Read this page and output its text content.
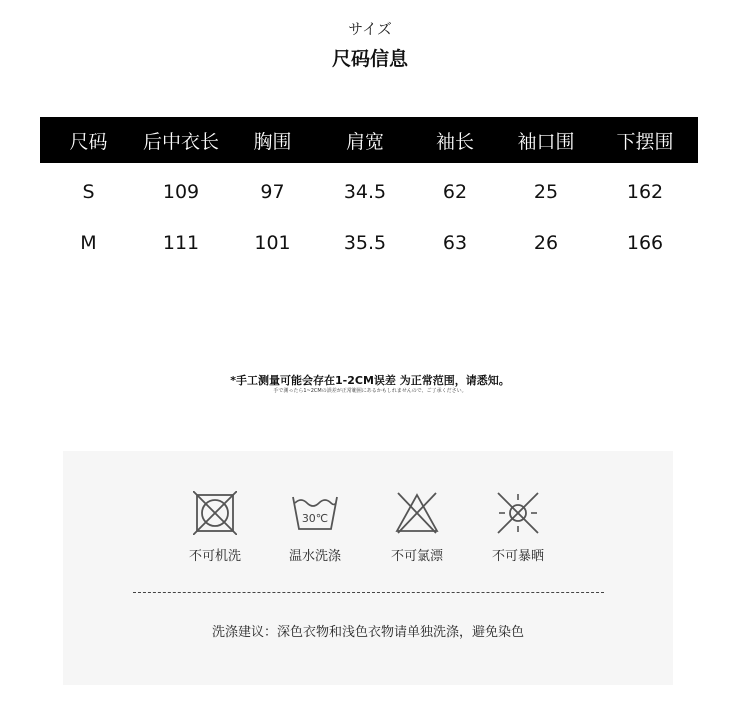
サイズ
尺码信息
尺码	后中衣长	胸围	肩宽	袖长	袖口围	下摆围
S	109	97	34.5	62	25	162
M	111	101	35.5	63	26	166
*手工测量可能会存在1-2CM误差 为正常范围，请悉知。
手で測ったら1~2CMの誤差が正常範囲にあるかもしれませんので、ご了承ください。
不可机洗
30℃
温水洗涤	不可氯漂	不可暴晒
洗涤建议：深色衣物和浅色衣物请单独洗涤，避免染色
